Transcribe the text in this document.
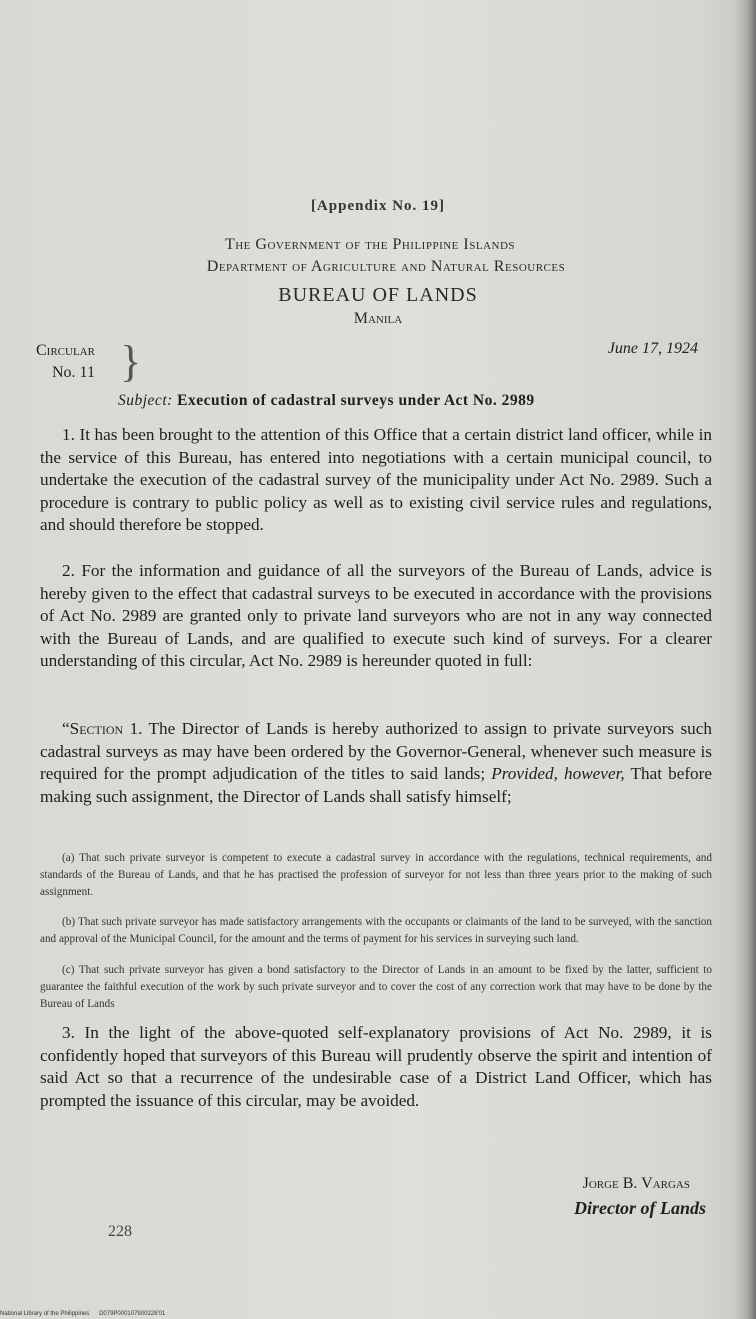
[Appendix No. 19]
The Government of the Philippine Islands
Department of Agriculture and Natural Resources
BUREAU OF LANDS
Manila
Circular
No. 11 }	June 17, 1924
Subject: Execution of cadastral surveys under Act No. 2989
1. It has been brought to the attention of this Office that a certain district land officer, while in the service of this Bureau, has entered into negotiations with a certain municipal council, to undertake the execution of the cadastral survey of the municipality under Act No. 2989. Such a procedure is contrary to public policy as well as to existing civil service rules and regulations, and should therefore be stopped.
2. For the information and guidance of all the surveyors of the Bureau of Lands, advice is hereby given to the effect that cadastral surveys to be executed in accordance with the provisions of Act No. 2989 are granted only to private land surveyors who are not in any way connected with the Bureau of Lands, and are qualified to execute such kind of surveys. For a clearer understanding of this circular, Act No. 2989 is hereunder quoted in full:
“Section 1. The Director of Lands is hereby authorized to assign to private surveyors such cadastral surveys as may have been ordered by the Governor-General, whenever such measure is required for the prompt adjudication of the titles to said lands; Provided, however, That before making such assignment, the Director of Lands shall satisfy himself;
(a) That such private surveyor is competent to execute a cadastral survey in accordance with the regulations, technical requirements, and standards of the Bureau of Lands, and that he has practised the profession of surveyor for not less than three years prior to the making of such assignment.
(b) That such private surveyor has made satisfactory arrangements with the occupants or claimants of the land to be surveyed, with the sanction and approval of the Municipal Council, for the amount and the terms of payment for his services in surveying such land.
(c) That such private surveyor has given a bond satisfactory to the Director of Lands in an amount to be fixed by the latter, sufficient to guarantee the faithful execution of the work by such private surveyor and to cover the cost of any correction work that may have to be done by the Bureau of Lands
3. In the light of the above-quoted self-explanatory provisions of Act No. 2989, it is confidently hoped that surveyors of this Bureau will prudently observe the spirit and intention of said Act so that a recurrence of the undesirable case of a District Land Officer, which has prompted the issuance of this circular, may be avoided.
Jorge B. Vargas
Director of Lands
228
National Library of the Philippines D079P000107900228'01
